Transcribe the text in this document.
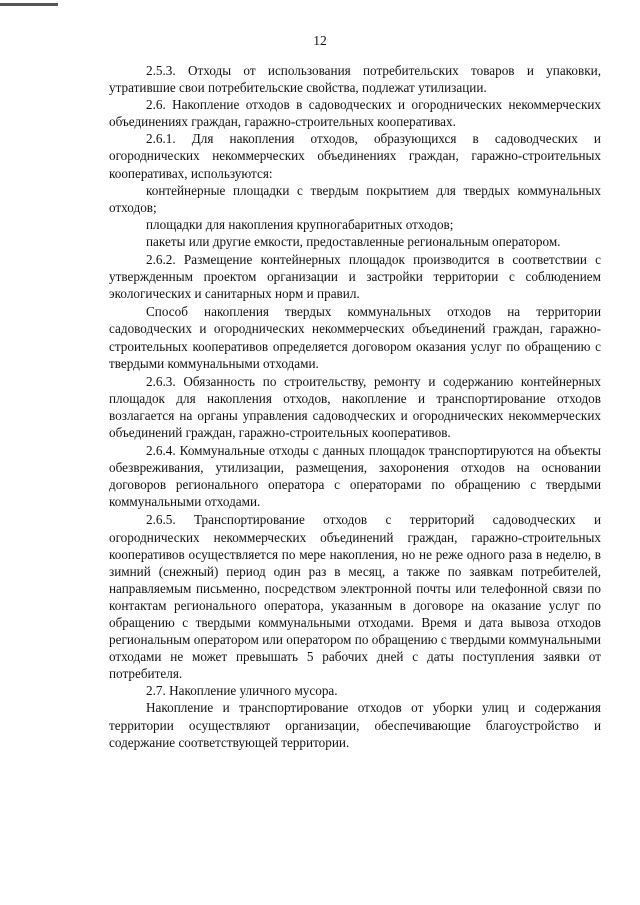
12

2.5.3. Отходы от использования потребительских товаров и упаковки, утратившие свои потребительские свойства, подлежат утилизации.

2.6. Накопление отходов в садоводческих и огороднических некоммерческих объединениях граждан, гаражно-строительных кооперативах.

2.6.1. Для накопления отходов, образующихся в садоводческих и огороднических некоммерческих объединениях граждан, гаражно-строительных кооперативах, используются:

контейнерные площадки с твердым покрытием для твердых коммунальных отходов;

площадки для накопления крупногабаритных отходов;

пакеты или другие емкости, предоставленные региональным оператором.

2.6.2. Размещение контейнерных площадок производится в соответствии с утвержденным проектом организации и застройки территории с соблюдением экологических и санитарных норм и правил.

Способ накопления твердых коммунальных отходов на территории садоводческих и огороднических некоммерческих объединений граждан, гаражно-строительных кооперативов определяется договором оказания услуг по обращению с твердыми коммунальными отходами.

2.6.3. Обязанность по строительству, ремонту и содержанию контейнерных площадок для накопления отходов, накопление и транспортирование отходов возлагается на органы управления садоводческих и огороднических некоммерческих объединений граждан, гаражно-строительных кооперативов.

2.6.4. Коммунальные отходы с данных площадок транспортируются на объекты обезвреживания, утилизации, размещения, захоронения отходов на основании договоров регионального оператора с операторами по обращению с твердыми коммунальными отходами.

2.6.5. Транспортирование отходов с территорий садоводческих и огороднических некоммерческих объединений граждан, гаражно-строительных кооперативов осуществляется по мере накопления, но не реже одного раза в неделю, в зимний (снежный) период один раз в месяц, а также по заявкам потребителей, направляемым письменно, посредством электронной почты или телефонной связи по контактам регионального оператора, указанным в договоре на оказание услуг по обращению с твердыми коммунальными отходами. Время и дата вывоза отходов региональным оператором или оператором по обращению с твердыми коммунальными отходами не может превышать 5 рабочих дней с даты поступления заявки от потребителя.

2.7. Накопление уличного мусора.

Накопление и транспортирование отходов от уборки улиц и содержания территории осуществляют организации, обеспечивающие благоустройство и содержание соответствующей территории.
